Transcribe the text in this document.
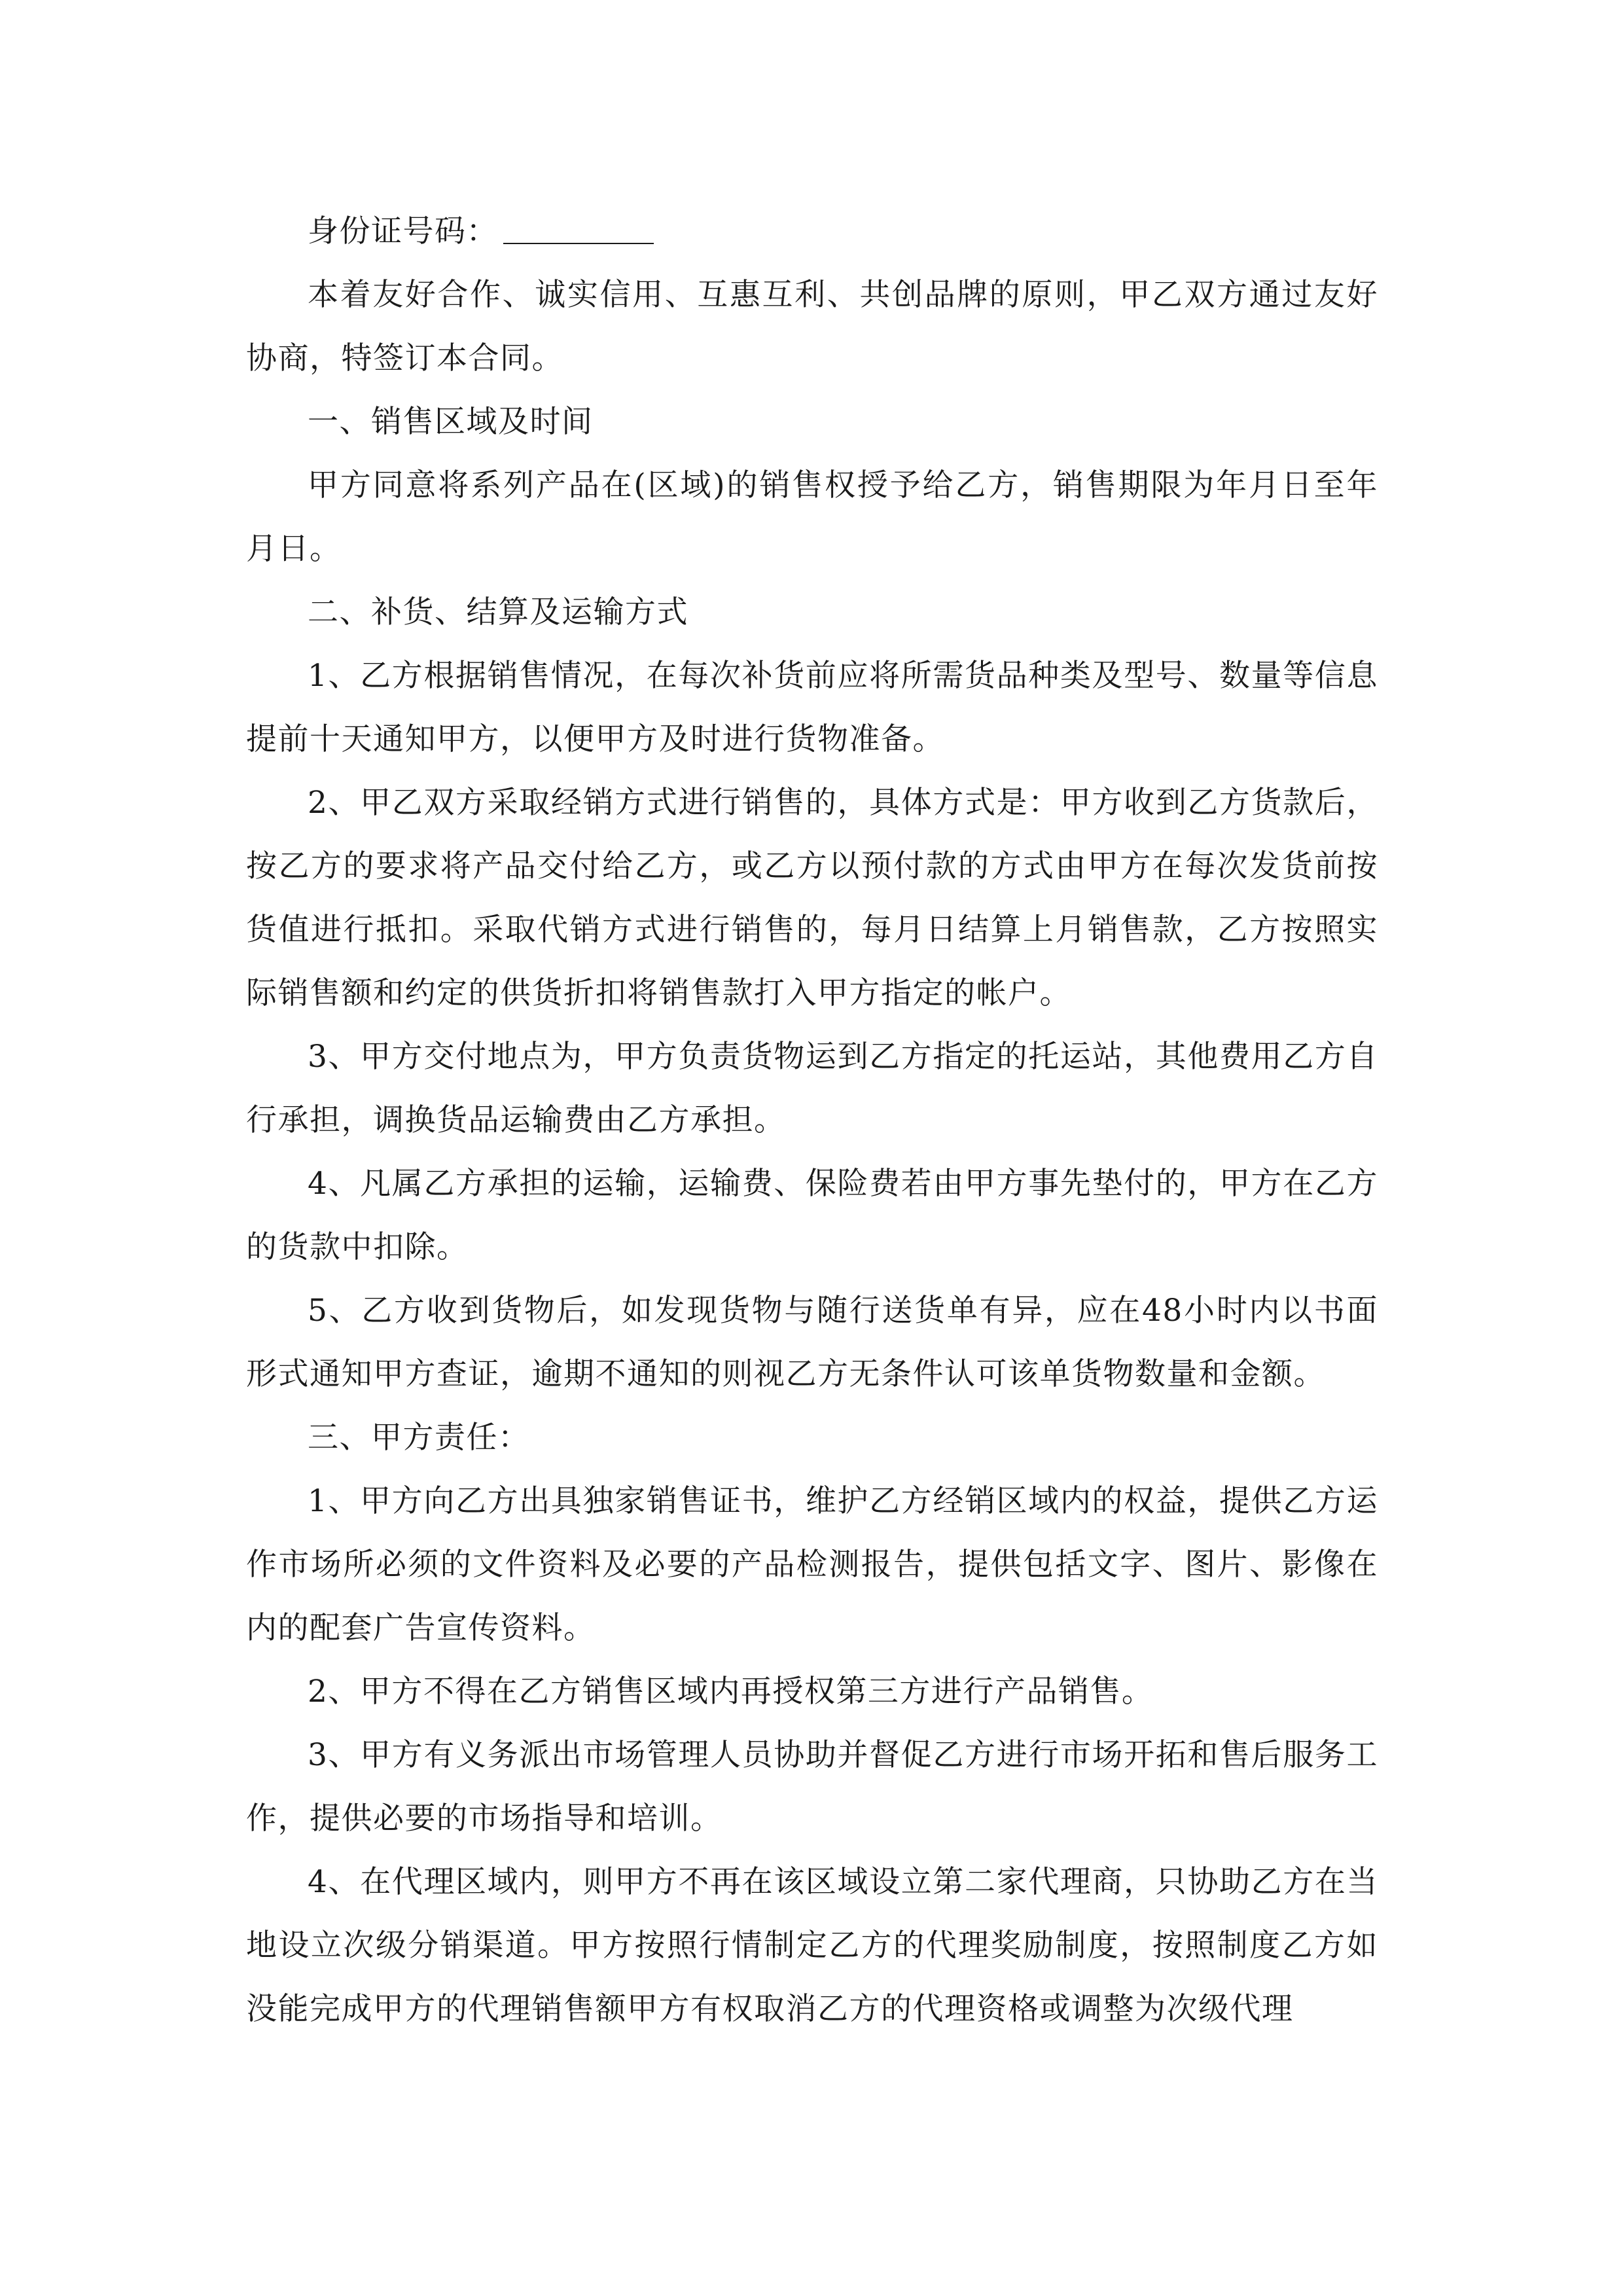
身份证号码：

本着友好合作、诚实信用、互惠互利、共创品牌的原则，甲乙双方通过友好协商，特签订本合同。

一、销售区域及时间

甲方同意将系列产品在(区域)的销售权授予给乙方，销售期限为年月日至年月日。

二、补货、结算及运输方式

1、乙方根据销售情况，在每次补货前应将所需货品种类及型号、数量等信息提前十天通知甲方，以便甲方及时进行货物准备。

2、甲乙双方采取经销方式进行销售的，具体方式是：甲方收到乙方货款后，按乙方的要求将产品交付给乙方，或乙方以预付款的方式由甲方在每次发货前按货值进行抵扣。采取代销方式进行销售的，每月日结算上月销售款，乙方按照实际销售额和约定的供货折扣将销售款打入甲方指定的帐户。

3、甲方交付地点为，甲方负责货物运到乙方指定的托运站，其他费用乙方自行承担，调换货品运输费由乙方承担。

4、凡属乙方承担的运输，运输费、保险费若由甲方事先垫付的，甲方在乙方的货款中扣除。

5、乙方收到货物后，如发现货物与随行送货单有异，应在48小时内以书面形式通知甲方查证，逾期不通知的则视乙方无条件认可该单货物数量和金额。

三、甲方责任：

1、甲方向乙方出具独家销售证书，维护乙方经销区域内的权益，提供乙方运作市场所必须的文件资料及必要的产品检测报告，提供包括文字、图片、影像在内的配套广告宣传资料。

2、甲方不得在乙方销售区域内再授权第三方进行产品销售。

3、甲方有义务派出市场管理人员协助并督促乙方进行市场开拓和售后服务工作，提供必要的市场指导和培训。

4、在代理区域内，则甲方不再在该区域设立第二家代理商，只协助乙方在当地设立次级分销渠道。甲方按照行情制定乙方的代理奖励制度，按照制度乙方如没能完成甲方的代理销售额甲方有权取消乙方的代理资格或调整为次级代理
